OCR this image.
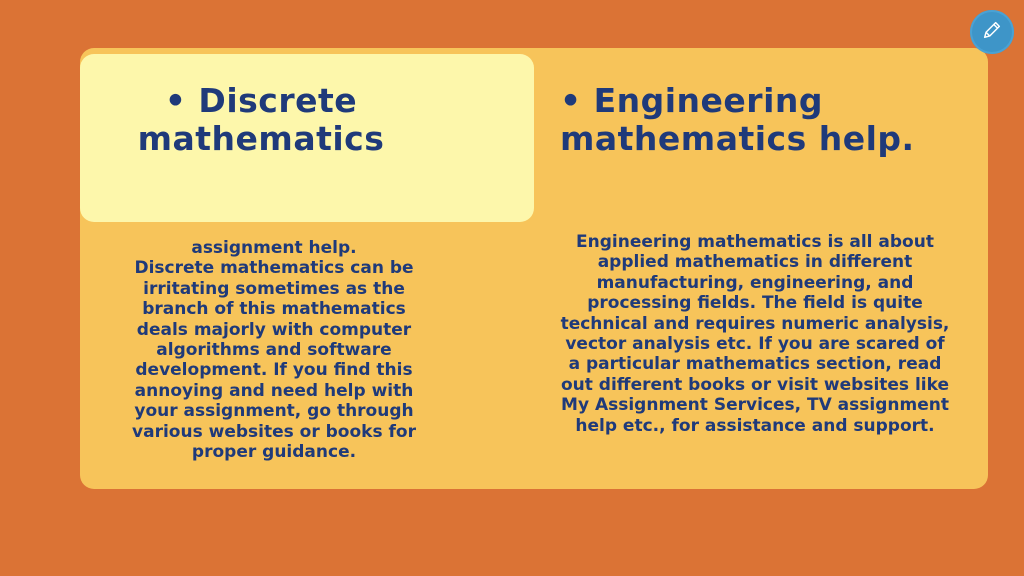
• Discrete
mathematics
• Engineering
mathematics help.
assignment help.
Discrete mathematics can be
irritating sometimes as the
branch of this mathematics
deals majorly with computer
algorithms and software
development. If you find this
annoying and need help with
your assignment, go through
various websites or books for
proper guidance.
Engineering mathematics is all about
applied mathematics in different
manufacturing, engineering, and
processing fields. The field is quite
technical and requires numeric analysis,
vector analysis etc. If you are scared of
a particular mathematics section, read
out different books or visit websites like
My Assignment Services, TV assignment
help etc., for assistance and support.
